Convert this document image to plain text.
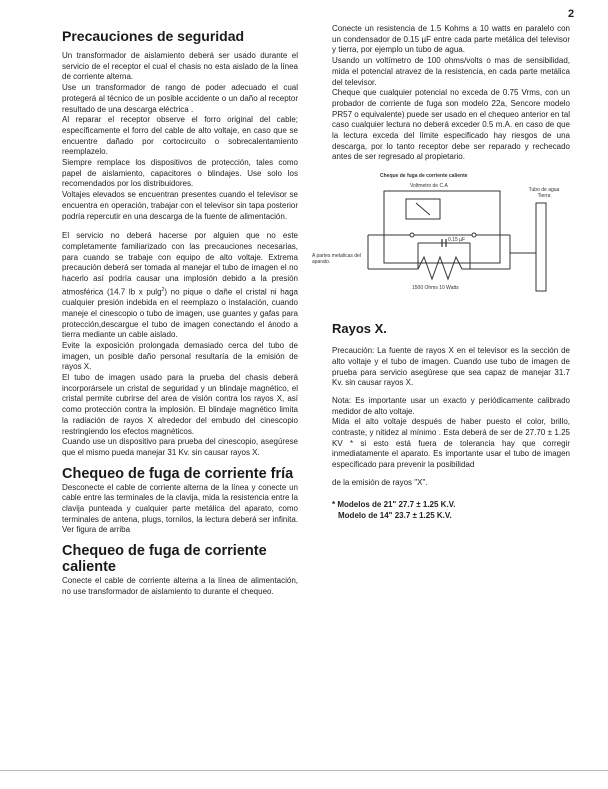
2
Precauciones de seguridad

Un transformador de aislamiento deberá ser usado durante el servicio de el receptor el cual el chasis no esta aislado de la línea de corriente alterna.

Use un transformador de rango de poder adecuado el cual protegerá al técnico de un posible accidente o un daño al receptor resultado de una descarga eléctrica .

Al reparar el receptor observe el forro original del cable; específicamente el forro del cable de alto voltaje, en caso que se encuentre dañado por cortocircuito o sobrecalentamiento reemplazelo.

Siempre remplace los dispositivos de protección, tales como papel de aislamiento, capacitores o blindajes. Use solo los recomendados por los distribuidores.

Voltajes elevados se encuentran presentes cuando el televisor se encuentra en operación, trabajar con el televisor sin tapa posterior podría repercutir en una descarga de la fuente de alimentación.

El servicio no deberá hacerse por alguien que no este completamente familiarizado con las precauciones necesarias, para cuando se trabaje con equipo de alto voltaje. Extrema precaución deberá ser tomada al manejar el tubo de imagen el no hacerlo así podría causar una implosión debido a la presión atmosférica (14.7 lb x pulg$^2$) no pique o dañe el cristal ni haga cualquier presión indebida en el reemplazo o instalación, cuando maneje el cinescopio o tubo de imagen, use guantes y gafas para protección,descargue el tubo de imagen conectando el ánodo a tierra mediante un cable aislado.

Evite la exposición prolongada demasiado cerca del tubo de imagen, un posible daño personal resultaría de la emisión de rayos X.

El tubo de imagen usado para la prueba del chasis deberá incorporársele un cristal de seguridad y un blindaje magnético, el cristal permite cubrirse del area de visión contra los rayos X, así como protección contra la implosión. El blindaje magnético limita la radiación de rayos X alrededor del embudo del cinescopio restringiendo los efectos magnéticos.

Cuando use un dispositivo para prueba del cinescopio, asegúrese que el mismo pueda manejar 31 Kv. sin causar rayos X.

Chequeo de fuga de corriente fría

Desconecte el cable de corriente alterna de la línea y conecte un cable entre las terminales de la clavija, mida la resistencia entre la clavija punteada y cualquier parte metálica del aparato, como terminales de antena, plugs, tornilos, la lectura deberá ser infinita. Ver figura de arriba

Chequeo de fuga de corriente caliente

Conecte el cable de corriente alterna a la línea de alimentación, no use transformador de aislamiento to durante el chequeo.

Conecte un resistencia de 1.5 Kohms a 10 watts en paralelo con un condensador de 0.15 µF entre cada parte metálica del televisor y tierra, por ejemplo un tubo de agua.

Usando un voltímetro de 100 ohms/volts o mas de sensibilidad, mida el potencial atravez de la resistencia, en cada parte metálica del televisor.

Cheque que cualquier potencial no exceda de 0.75 Vrms, con un probador de corriente de fuga son modelo 22a, Sencore modelo PR57 o equivalente) puede ser usado en el chequeo anterior en tal caso cualquier lectura no deberá exceder 0.5 m.A. en caso de que la lectura exceda del límite especificado hay riesgos de una descarga, por lo tanto receptor debe ser reparado y rechecado antes de ser regresado al propietario.

Cheque de fuga de corriente caliente
Voltmetro de C.A
Tubo de agua Tierra
A partes metalicas del aparato.
0.15 µF
1500 Ohms 10 Watts
Rayos X.

Precaución: La fuente de rayos X en el televisor es la sección de alto voltaje y el tubo de imagen. Cuando use tubo de imagen de prueba para servicio asegúrese que sea capaz de manejar 31.7 Kv. sin causar rayos X.

Nota: Es importante usar un exacto y periódicamente calibrado medidor de alto voltaje.

Mida el alto voltaje después de haber puesto el color, brillo, contraste, y nitidez al mínimo . Esta deberá de ser de 27.70 ± 1.25 KV * si esto está fuera de tolerancia hay que corregir inmediatamente el aparato. Es importante usar el tubo de imagen especificado para prevenir la posibilidad

de la emisión de rayos "X".

* Modelos de 21" 27.7 ± 1.25 K.V.
Modelo de 14" 23.7 ± 1.25 K.V.
